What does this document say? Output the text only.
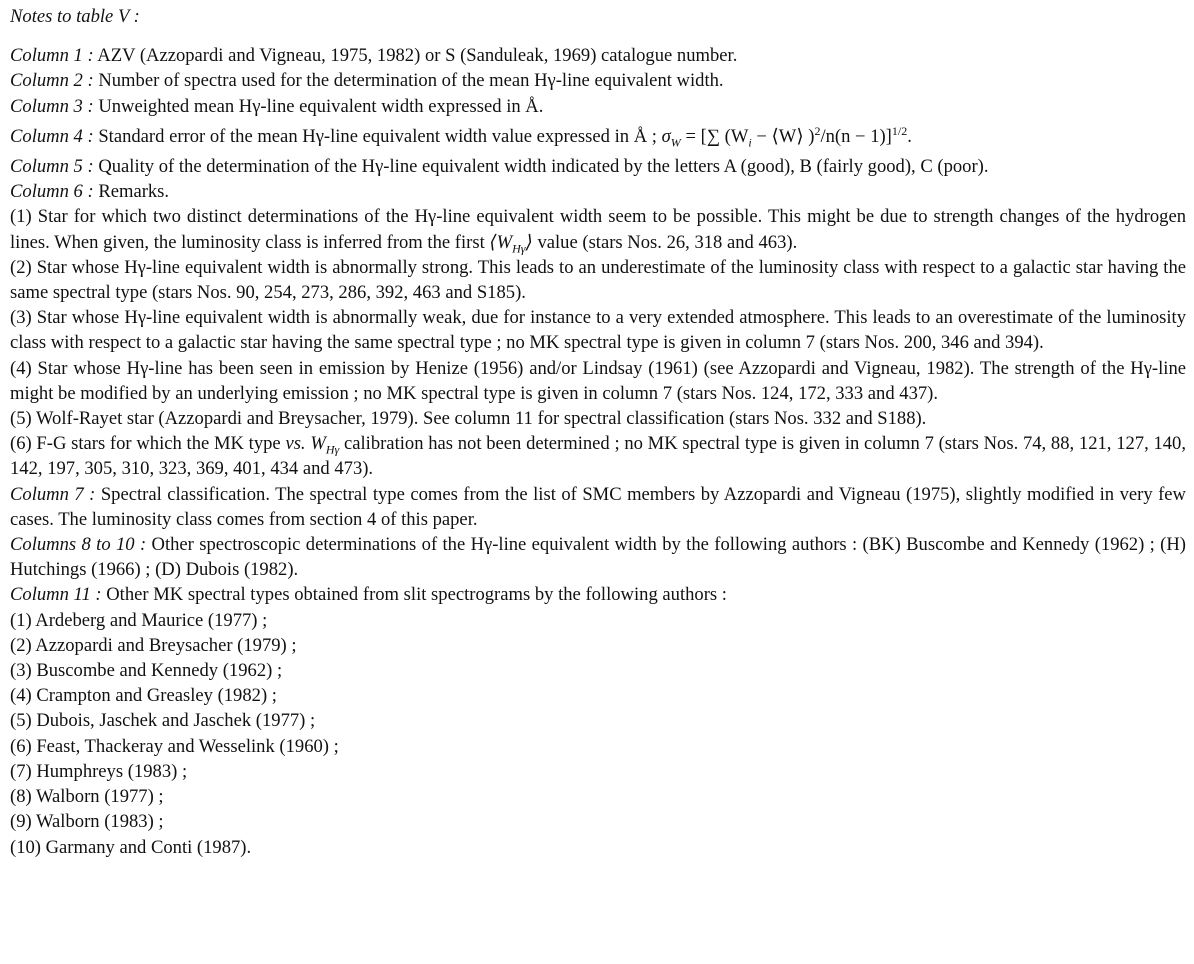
Notes to table V :
Column 1 : AZV (Azzopardi and Vigneau, 1975, 1982) or S (Sanduleak, 1969) catalogue number.
Column 2 : Number of spectra used for the determination of the mean Hγ-line equivalent width.
Column 3 : Unweighted mean Hγ-line equivalent width expressed in Å.
Column 4 : Standard error of the mean Hγ-line equivalent width value expressed in Å ; $\sigma_W$ = [∑ ($W_i$ − ⟨W⟩ )$^2$/n(n − 1)]$^{1/2}$.
Column 5 : Quality of the determination of the Hγ-line equivalent width indicated by the letters A (good), B (fairly good), C (poor).
Column 6 : Remarks.
(1) Star for which two distinct determinations of the Hγ-line equivalent width seem to be possible. This might be due to strength changes of the hydrogen lines. When given, the luminosity class is inferred from the first $⟨W_{H\gamma}⟩$ value (stars Nos. 26, 318 and 463).
(2) Star whose Hγ-line equivalent width is abnormally strong. This leads to an underestimate of the luminosity class with respect to a galactic star having the same spectral type (stars Nos. 90, 254, 273, 286, 392, 463 and S185).
(3) Star whose Hγ-line equivalent width is abnormally weak, due for instance to a very extended atmosphere. This leads to an overestimate of the luminosity class with respect to a galactic star having the same spectral type ; no MK spectral type is given in column 7 (stars Nos. 200, 346 and 394).
(4) Star whose Hγ-line has been seen in emission by Henize (1956) and/or Lindsay (1961) (see Azzopardi and Vigneau, 1982). The strength of the Hγ-line might be modified by an underlying emission ; no MK spectral type is given in column 7 (stars Nos. 124, 172, 333 and 437).
(5) Wolf-Rayet star (Azzopardi and Breysacher, 1979). See column 11 for spectral classification (stars Nos. 332 and S188).
(6) F-G stars for which the MK type vs. $W_{H\gamma}$ calibration has not been determined ; no MK spectral type is given in column 7 (stars Nos. 74, 88, 121, 127, 140, 142, 197, 305, 310, 323, 369, 401, 434 and 473).
Column 7 : Spectral classification. The spectral type comes from the list of SMC members by Azzopardi and Vigneau (1975), slightly modified in very few cases. The luminosity class comes from section 4 of this paper.
Columns 8 to 10 : Other spectroscopic determinations of the Hγ-line equivalent width by the following authors : (BK) Buscombe and Kennedy (1962) ; (H) Hutchings (1966) ; (D) Dubois (1982).
Column 11 : Other MK spectral types obtained from slit spectrograms by the following authors :
(1) Ardeberg and Maurice (1977) ;
(2) Azzopardi and Breysacher (1979) ;
(3) Buscombe and Kennedy (1962) ;
(4) Crampton and Greasley (1982) ;
(5) Dubois, Jaschek and Jaschek (1977) ;
(6) Feast, Thackeray and Wesselink (1960) ;
(7) Humphreys (1983) ;
(8) Walborn (1977) ;
(9) Walborn (1983) ;
(10) Garmany and Conti (1987).
